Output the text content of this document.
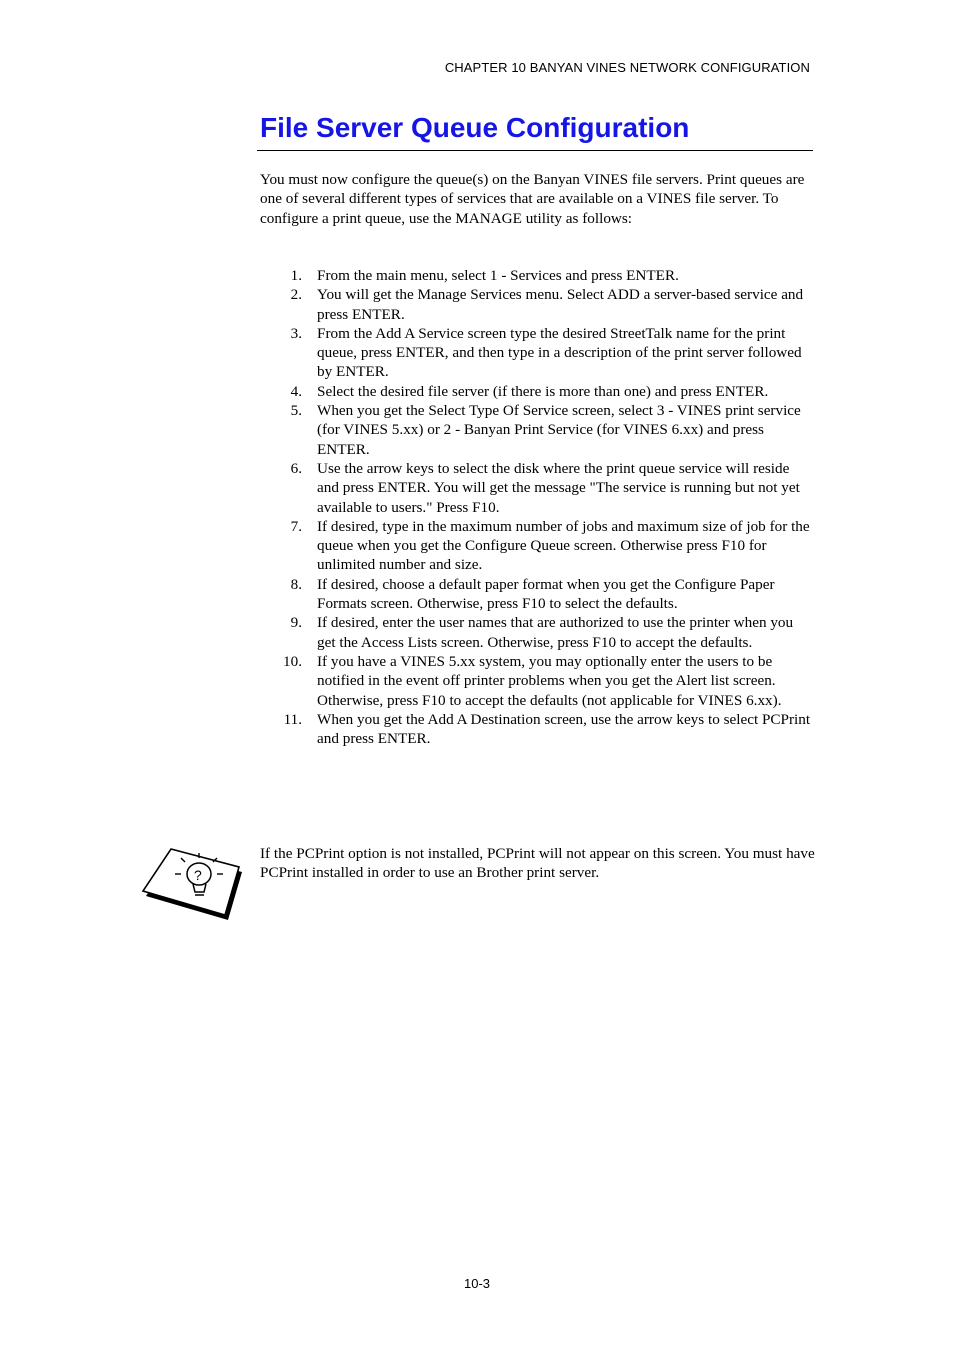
CHAPTER 10 BANYAN VINES NETWORK CONFIGURATION
File Server Queue Configuration

You must now configure the queue(s) on the Banyan VINES file servers. Print queues are one of several different types of services that are available on a VINES file server. To configure a print queue, use the MANAGE utility as follows:

1. From the main menu, select 1 - Services and press ENTER.
2. You will get the Manage Services menu. Select ADD a server-based service and press ENTER.
3. From the Add A Service screen type the desired StreetTalk name for the print queue, press ENTER, and then type in a description of the print server followed by ENTER.
4. Select the desired file server (if there is more than one) and press ENTER.
5. When you get the Select Type Of Service screen, select 3 - VINES print service (for VINES 5.xx) or 2 - Banyan Print Service (for VINES 6.xx) and press ENTER.
6. Use the arrow keys to select the disk where the print queue service will reside and press ENTER. You will get the message "The service is running but not yet available to users." Press F10.
7. If desired, type in the maximum number of jobs and maximum size of job for the queue when you get the Configure Queue screen. Otherwise press F10 for unlimited number and size.
8. If desired, choose a default paper format when you get the Configure Paper Formats screen. Otherwise, press F10 to select the defaults.
9. If desired, enter the user names that are authorized to use the printer when you get the Access Lists screen. Otherwise, press F10 to accept the defaults.
10. If you have a VINES 5.xx system, you may optionally enter the users to be notified in the event off printer problems when you get the Alert list screen. Otherwise, press F10 to accept the defaults (not applicable for VINES 6.xx).
11. When you get the Add A Destination screen, use the arrow keys to select PCPrint and press ENTER.
?

If the PCPrint option is not installed, PCPrint will not appear on this screen. You must have PCPrint installed in order to use an Brother print server.

10-3
